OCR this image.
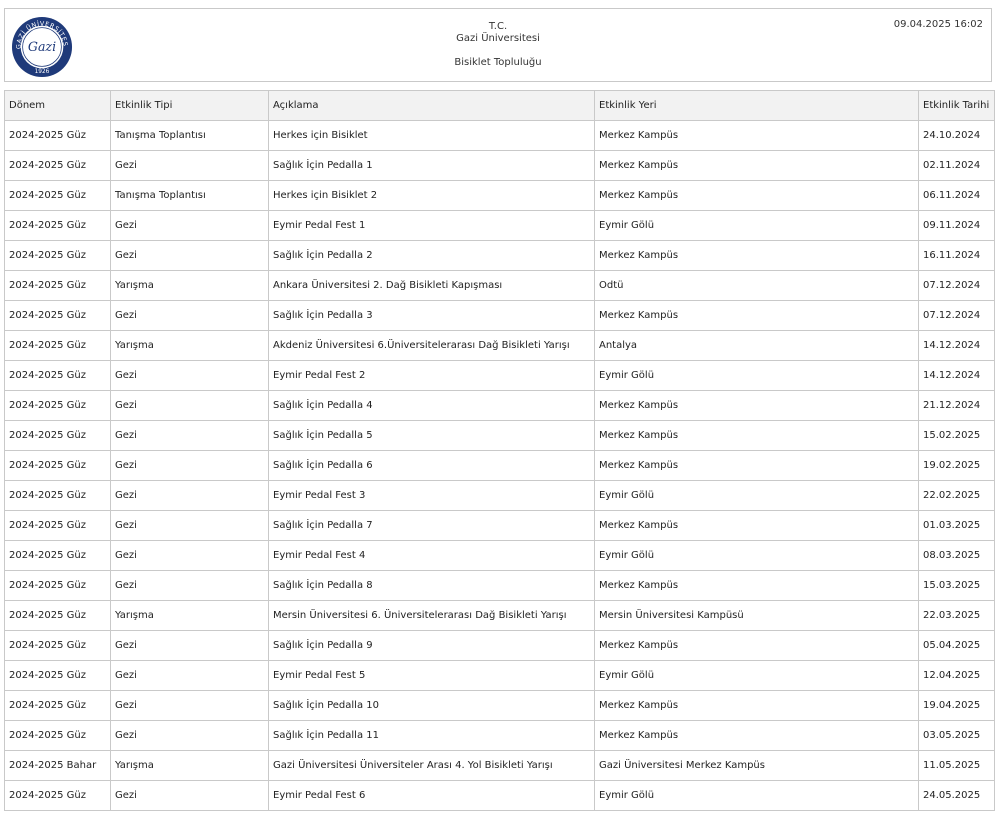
GAZİ ÜNİVERSİTES
Gazi
1926
T.C.
Gazi Üniversitesi
Bisiklet Topluluğu
09.04.2025 16:02
Dönem	Etkinlik Tipi	Açıklama	Etkinlik Yeri	Etkinlik Tarihi
2024-2025 Güz	Tanışma Toplantısı	Herkes için Bisiklet	Merkez Kampüs	24.10.2024
2024-2025 Güz	Gezi	Sağlık İçin Pedalla 1	Merkez Kampüs	02.11.2024
2024-2025 Güz	Tanışma Toplantısı	Herkes için Bisiklet 2	Merkez Kampüs	06.11.2024
2024-2025 Güz	Gezi	Eymir Pedal Fest 1	Eymir Gölü	09.11.2024
2024-2025 Güz	Gezi	Sağlık İçin Pedalla 2	Merkez Kampüs	16.11.2024
2024-2025 Güz	Yarışma	Ankara Üniversitesi 2. Dağ Bisikleti Kapışması	Odtü	07.12.2024
2024-2025 Güz	Gezi	Sağlık İçin Pedalla 3	Merkez Kampüs	07.12.2024
2024-2025 Güz	Yarışma	Akdeniz Üniversitesi 6.Üniversitelerarası Dağ Bisikleti Yarışı	Antalya	14.12.2024
2024-2025 Güz	Gezi	Eymir Pedal Fest 2	Eymir Gölü	14.12.2024
2024-2025 Güz	Gezi	Sağlık İçin Pedalla 4	Merkez Kampüs	21.12.2024
2024-2025 Güz	Gezi	Sağlık İçin Pedalla 5	Merkez Kampüs	15.02.2025
2024-2025 Güz	Gezi	Sağlık İçin Pedalla 6	Merkez Kampüs	19.02.2025
2024-2025 Güz	Gezi	Eymir Pedal Fest 3	Eymir Gölü	22.02.2025
2024-2025 Güz	Gezi	Sağlık İçin Pedalla 7	Merkez Kampüs	01.03.2025
2024-2025 Güz	Gezi	Eymir Pedal Fest 4	Eymir Gölü	08.03.2025
2024-2025 Güz	Gezi	Sağlık İçin Pedalla 8	Merkez Kampüs	15.03.2025
2024-2025 Güz	Yarışma	Mersin Üniversitesi 6. Üniversitelerarası Dağ Bisikleti Yarışı	Mersin Üniversitesi Kampüsü	22.03.2025
2024-2025 Güz	Gezi	Sağlık İçin Pedalla 9	Merkez Kampüs	05.04.2025
2024-2025 Güz	Gezi	Eymir Pedal Fest 5	Eymir Gölü	12.04.2025
2024-2025 Güz	Gezi	Sağlık İçin Pedalla 10	Merkez Kampüs	19.04.2025
2024-2025 Güz	Gezi	Sağlık İçin Pedalla 11	Merkez Kampüs	03.05.2025
2024-2025 Bahar	Yarışma	Gazi Üniversitesi Üniversiteler Arası 4. Yol Bisikleti Yarışı	Gazi Üniversitesi Merkez Kampüs	11.05.2025
2024-2025 Güz	Gezi	Eymir Pedal Fest 6	Eymir Gölü	24.05.2025
